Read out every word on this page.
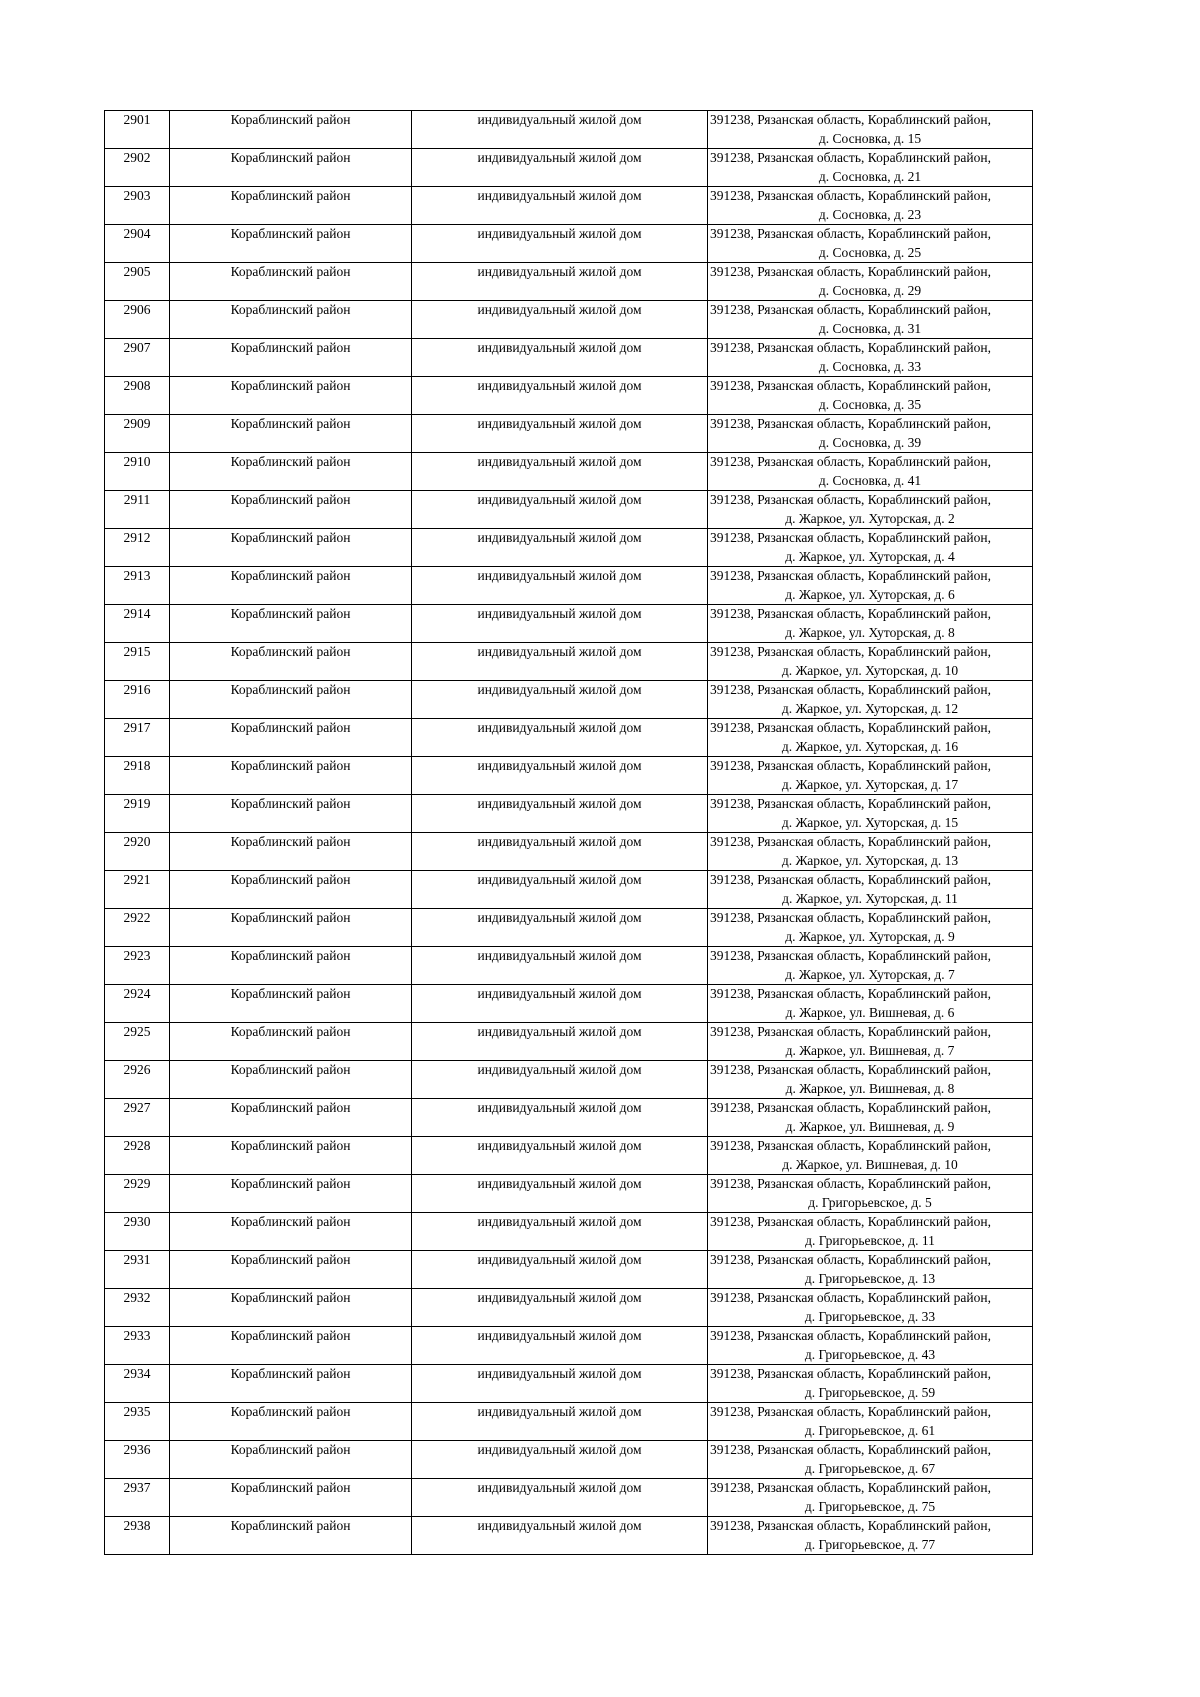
2901	Кораблинский район	индивидуальный жилой дом	391238, Рязанская область, Кораблинский район,
д. Сосновка, д. 15

2902	Кораблинский район	индивидуальный жилой дом	391238, Рязанская область, Кораблинский район,
д. Сосновка, д. 21

2903	Кораблинский район	индивидуальный жилой дом	391238, Рязанская область, Кораблинский район,
д. Сосновка, д. 23

2904	Кораблинский район	индивидуальный жилой дом	391238, Рязанская область, Кораблинский район,
д. Сосновка, д. 25

2905	Кораблинский район	индивидуальный жилой дом	391238, Рязанская область, Кораблинский район,
д. Сосновка, д. 29

2906	Кораблинский район	индивидуальный жилой дом	391238, Рязанская область, Кораблинский район,
д. Сосновка, д. 31

2907	Кораблинский район	индивидуальный жилой дом	391238, Рязанская область, Кораблинский район,
д. Сосновка, д. 33

2908	Кораблинский район	индивидуальный жилой дом	391238, Рязанская область, Кораблинский район,
д. Сосновка, д. 35

2909	Кораблинский район	индивидуальный жилой дом	391238, Рязанская область, Кораблинский район,
д. Сосновка, д. 39

2910	Кораблинский район	индивидуальный жилой дом	391238, Рязанская область, Кораблинский район,
д. Сосновка, д. 41

2911	Кораблинский район	индивидуальный жилой дом	391238, Рязанская область, Кораблинский район,
д. Жаркое, ул. Хуторская, д. 2

2912	Кораблинский район	индивидуальный жилой дом	391238, Рязанская область, Кораблинский район,
д. Жаркое, ул. Хуторская, д. 4

2913	Кораблинский район	индивидуальный жилой дом	391238, Рязанская область, Кораблинский район,
д. Жаркое, ул. Хуторская, д. 6

2914	Кораблинский район	индивидуальный жилой дом	391238, Рязанская область, Кораблинский район,
д. Жаркое, ул. Хуторская, д. 8

2915	Кораблинский район	индивидуальный жилой дом	391238, Рязанская область, Кораблинский район,
д. Жаркое, ул. Хуторская, д. 10

2916	Кораблинский район	индивидуальный жилой дом	391238, Рязанская область, Кораблинский район,
д. Жаркое, ул. Хуторская, д. 12

2917	Кораблинский район	индивидуальный жилой дом	391238, Рязанская область, Кораблинский район,
д. Жаркое, ул. Хуторская, д. 16

2918	Кораблинский район	индивидуальный жилой дом	391238, Рязанская область, Кораблинский район,
д. Жаркое, ул. Хуторская, д. 17

2919	Кораблинский район	индивидуальный жилой дом	391238, Рязанская область, Кораблинский район,
д. Жаркое, ул. Хуторская, д. 15

2920	Кораблинский район	индивидуальный жилой дом	391238, Рязанская область, Кораблинский район,
д. Жаркое, ул. Хуторская, д. 13

2921	Кораблинский район	индивидуальный жилой дом	391238, Рязанская область, Кораблинский район,
д. Жаркое, ул. Хуторская, д. 11

2922	Кораблинский район	индивидуальный жилой дом	391238, Рязанская область, Кораблинский район,
д. Жаркое, ул. Хуторская, д. 9

2923	Кораблинский район	индивидуальный жилой дом	391238, Рязанская область, Кораблинский район,
д. Жаркое, ул. Хуторская, д. 7

2924	Кораблинский район	индивидуальный жилой дом	391238, Рязанская область, Кораблинский район,
д. Жаркое, ул. Вишневая, д. 6

2925	Кораблинский район	индивидуальный жилой дом	391238, Рязанская область, Кораблинский район,
д. Жаркое, ул. Вишневая, д. 7

2926	Кораблинский район	индивидуальный жилой дом	391238, Рязанская область, Кораблинский район,
д. Жаркое, ул. Вишневая, д. 8

2927	Кораблинский район	индивидуальный жилой дом	391238, Рязанская область, Кораблинский район,
д. Жаркое, ул. Вишневая, д. 9

2928	Кораблинский район	индивидуальный жилой дом	391238, Рязанская область, Кораблинский район,
д. Жаркое, ул. Вишневая, д. 10

2929	Кораблинский район	индивидуальный жилой дом	391238, Рязанская область, Кораблинский район,
д. Григорьевское, д. 5

2930	Кораблинский район	индивидуальный жилой дом	391238, Рязанская область, Кораблинский район,
д. Григорьевское, д. 11

2931	Кораблинский район	индивидуальный жилой дом	391238, Рязанская область, Кораблинский район,
д. Григорьевское, д. 13

2932	Кораблинский район	индивидуальный жилой дом	391238, Рязанская область, Кораблинский район,
д. Григорьевское, д. 33

2933	Кораблинский район	индивидуальный жилой дом	391238, Рязанская область, Кораблинский район,
д. Григорьевское, д. 43

2934	Кораблинский район	индивидуальный жилой дом	391238, Рязанская область, Кораблинский район,
д. Григорьевское, д. 59

2935	Кораблинский район	индивидуальный жилой дом	391238, Рязанская область, Кораблинский район,
д. Григорьевское, д. 61

2936	Кораблинский район	индивидуальный жилой дом	391238, Рязанская область, Кораблинский район,
д. Григорьевское, д. 67

2937	Кораблинский район	индивидуальный жилой дом	391238, Рязанская область, Кораблинский район,
д. Григорьевское, д. 75

2938	Кораблинский район	индивидуальный жилой дом	391238, Рязанская область, Кораблинский район,
д. Григорьевское, д. 77
